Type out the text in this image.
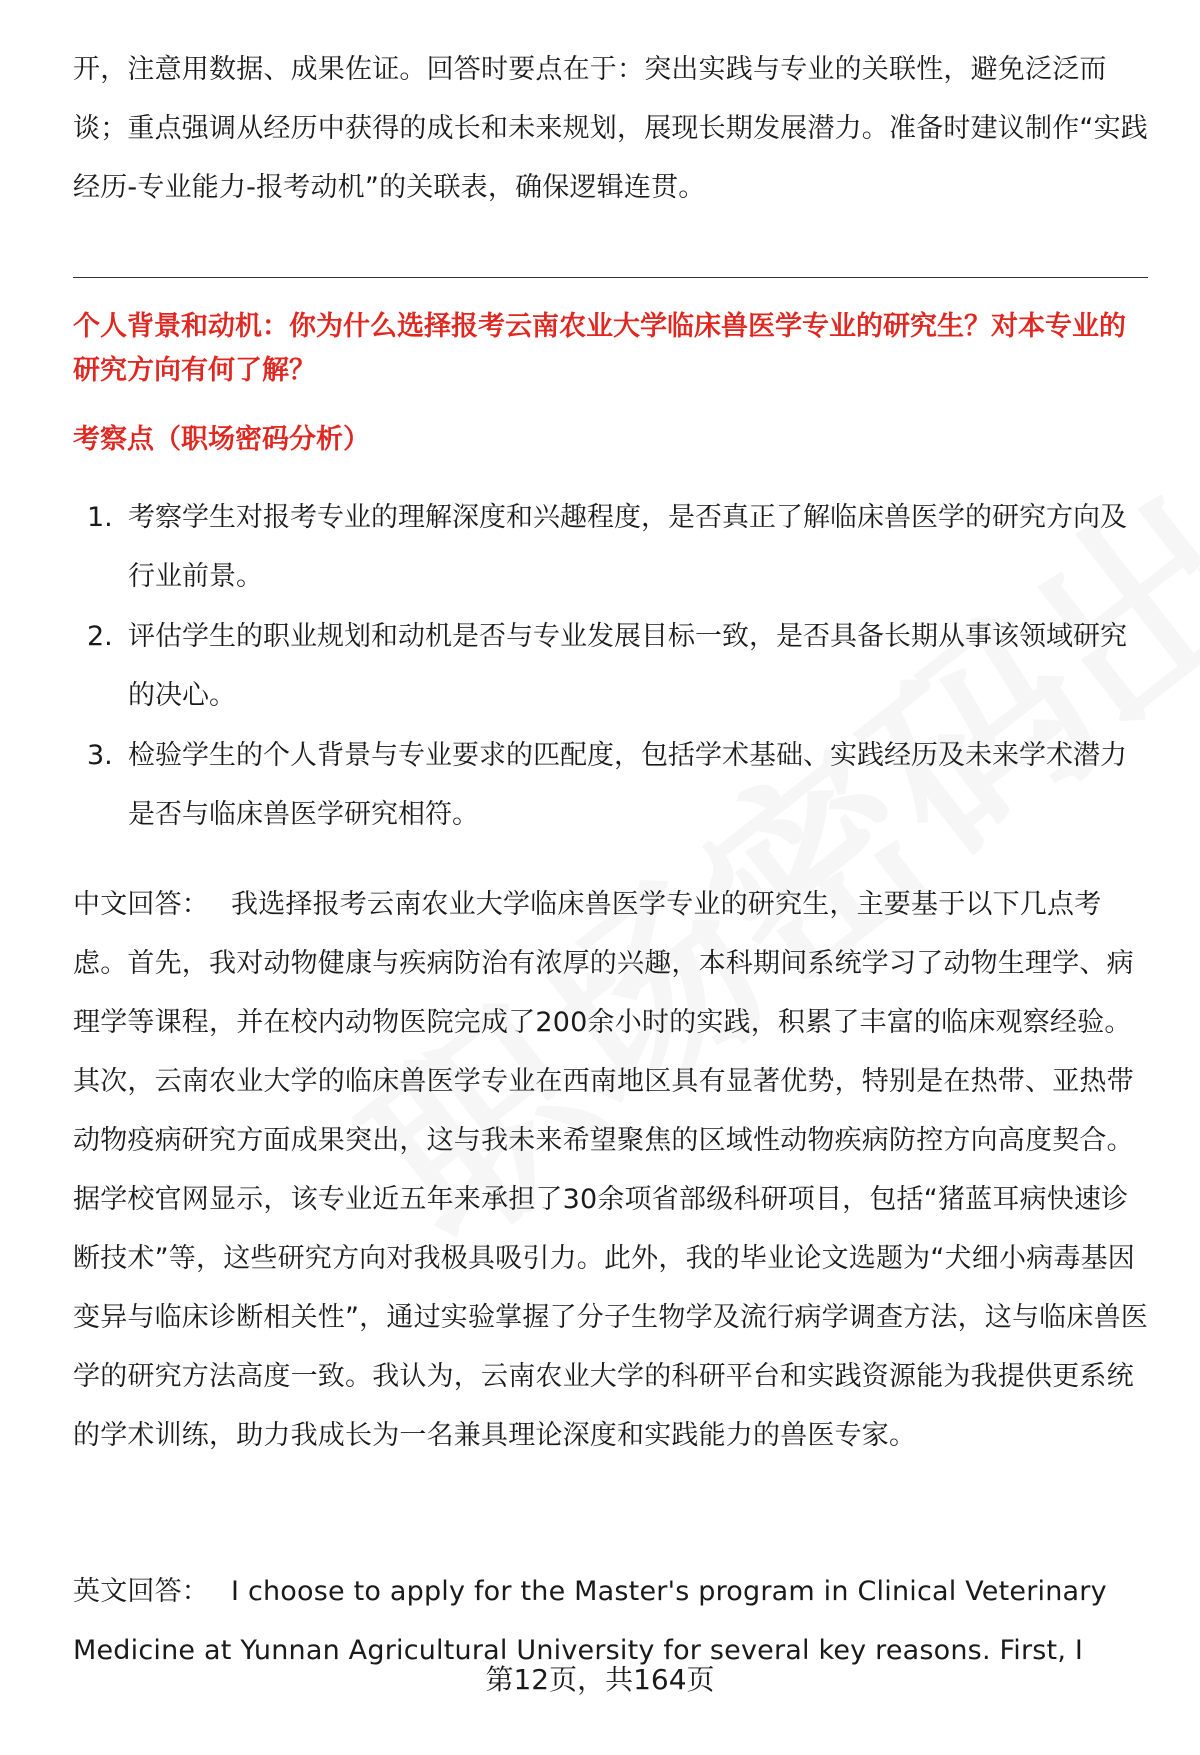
开，注意用数据、成果佐证。回答时要点在于：突出实践与专业的关联性，避免泛泛而谈；重点强调从经历中获得的成长和未来规划，展现长期发展潜力。准备时建议制作“实践经历-专业能力-报考动机”的关联表，确保逻辑连贯。

个人背景和动机：你为什么选择报考云南农业大学临床兽医学专业的研究生？对本专业的研究方向有何了解？

考察点（职场密码分析）

1. 考察学生对报考专业的理解深度和兴趣程度，是否真正了解临床兽医学的研究方向及行业前景。
2. 评估学生的职业规划和动机是否与专业发展目标一致，是否具备长期从事该领域研究的决心。
3. 检验学生的个人背景与专业要求的匹配度，包括学术基础、实践经历及未来学术潜力是否与临床兽医学研究相符。

中文回答： 我选择报考云南农业大学临床兽医学专业的研究生，主要基于以下几点考虑。首先，我对动物健康与疾病防治有浓厚的兴趣，本科期间系统学习了动物生理学、病理学等课程，并在校内动物医院完成了200余小时的实践，积累了丰富的临床观察经验。其次，云南农业大学的临床兽医学专业在西南地区具有显著优势，特别是在热带、亚热带动物疫病研究方面成果突出，这与我未来希望聚焦的区域性动物疾病防控方向高度契合。据学校官网显示，该专业近五年来承担了30余项省部级科研项目，包括“猪蓝耳病快速诊断技术”等，这些研究方向对我极具吸引力。此外，我的毕业论文选题为“犬细小病毒基因变异与临床诊断相关性”，通过实验掌握了分子生物学及流行病学调查方法，这与临床兽医学的研究方法高度一致。我认为，云南农业大学的科研平台和实践资源能为我提供更系统的学术训练，助力我成长为一名兼具理论深度和实践能力的兽医专家。

英文回答： I choose to apply for the Master's program in Clinical Veterinary Medicine at Yunnan Agricultural University for several key reasons. First, I

第12页，共164页
